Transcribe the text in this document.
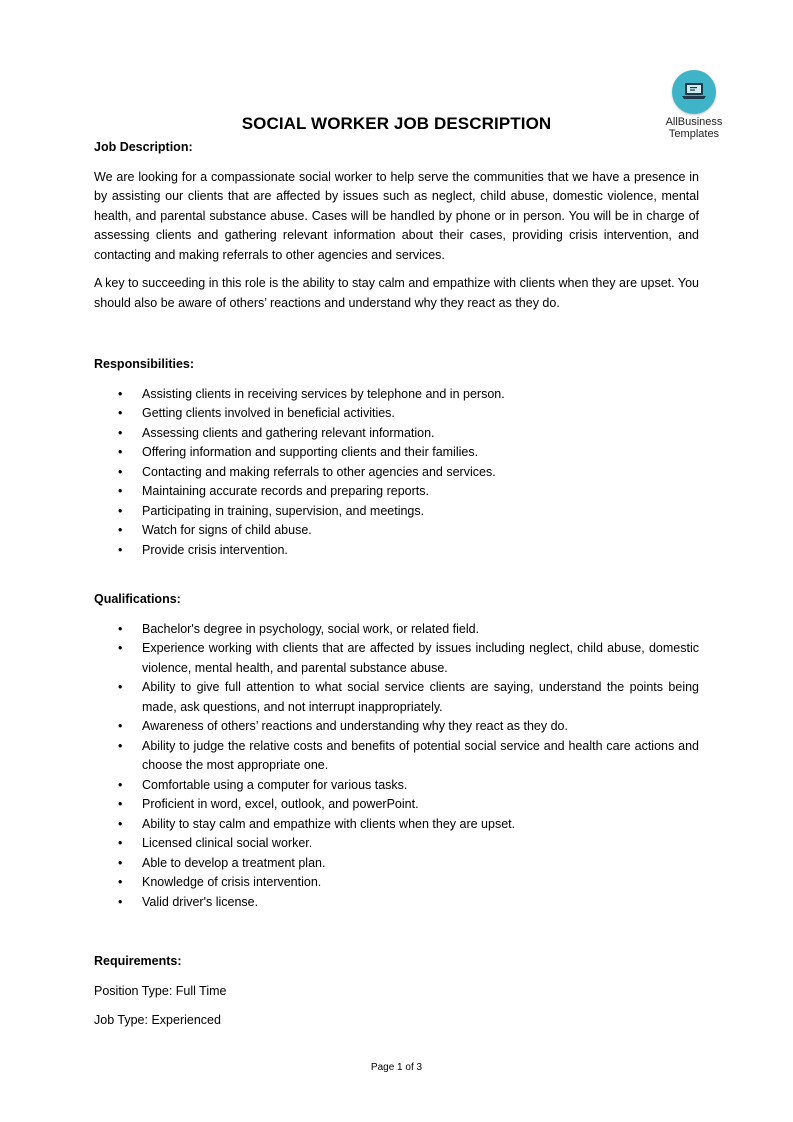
AllBusiness
Templates
SOCIAL WORKER JOB DESCRIPTION
Job Description:

We are looking for a compassionate social worker to help serve the communities that we have a presence in by assisting our clients that are affected by issues such as neglect, child abuse, domestic violence, mental health, and parental substance abuse. Cases will be handled by phone or in person. You will be in charge of assessing clients and gathering relevant information about their cases, providing crisis intervention, and contacting and making referrals to other agencies and services.

A key to succeeding in this role is the ability to stay calm and empathize with clients when they are upset. You should also be aware of others’ reactions and understand why they react as they do.

Responsibilities:
• Assisting clients in receiving services by telephone and in person.
• Getting clients involved in beneficial activities.
• Assessing clients and gathering relevant information.
• Offering information and supporting clients and their families.
• Contacting and making referrals to other agencies and services.
• Maintaining accurate records and preparing reports.
• Participating in training, supervision, and meetings.
• Watch for signs of child abuse.
• Provide crisis intervention.
Qualifications:
• Bachelor's degree in psychology, social work, or related field.
• Experience working with clients that are affected by issues including neglect, child abuse, domestic violence, mental health, and parental substance abuse.
• Ability to give full attention to what social service clients are saying, understand the points being made, ask questions, and not interrupt inappropriately.
• Awareness of others’ reactions and understanding why they react as they do.
• Ability to judge the relative costs and benefits of potential social service and health care actions and choose the most appropriate one.
• Comfortable using a computer for various tasks.
• Proficient in word, excel, outlook, and powerPoint.
• Ability to stay calm and empathize with clients when they are upset.
• Licensed clinical social worker.
• Able to develop a treatment plan.
• Knowledge of crisis intervention.
• Valid driver's license.
Requirements:

Position Type: Full Time

Job Type: Experienced

Page 1 of 3
